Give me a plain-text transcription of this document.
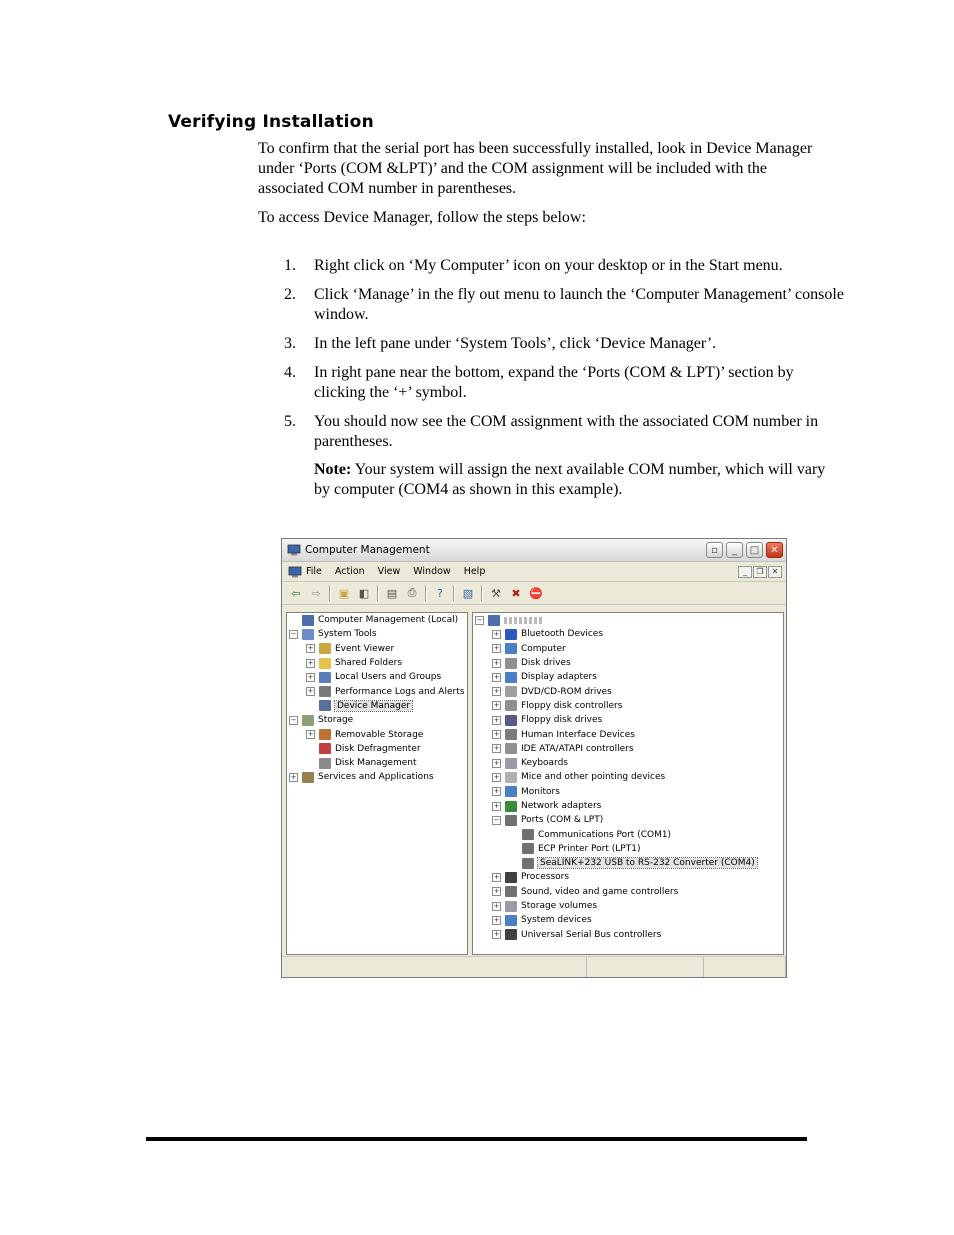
Verifying Installation
To confirm that the serial port has been successfully installed, look in Device Manager under ‘Ports (COM &LPT)’ and the COM assignment will be included with the associated COM number in parentheses.
To access Device Manager, follow the steps below:
1.	Right click on ‘My Computer’ icon on your desktop or in the Start menu.
2.	Click ‘Manage’ in the fly out menu to launch the ‘Computer Management’ console window.
3.	In the left pane under ‘System Tools’, click ‘Device Manager’.
4.	In right pane near the bottom, expand the ‘Ports (COM & LPT)’ section by clicking the ‘+’ symbol.
5.	You should now see the COM assignment with the associated COM number in parentheses.
Note: Your system will assign the next available COM number, which will vary by computer (COM4 as shown in this example).
Computer Management	▫	_	□	✕
File Action View Window Help	_	❐	✕
⇦ ⇨	▣ ◧ ▤ ⎙	?	▧ ⚒ ✖ ⛔
Computer Management (Local)
− System Tools
+ Event Viewer
+ Shared Folders
+ Local Users and Groups
+ Performance Logs and Alerts
Device Manager
− Storage
+ Removable Storage
Disk Defragmenter
Disk Management
+ Services and Applications
−
+ Bluetooth Devices
+ Computer
+ Disk drives
+ Display adapters
+ DVD/CD-ROM drives
+ Floppy disk controllers
+ Floppy disk drives
+ Human Interface Devices
+ IDE ATA/ATAPI controllers
+ Keyboards
+ Mice and other pointing devices
+ Monitors
+ Network adapters
− Ports (COM & LPT)
Communications Port (COM1)
ECP Printer Port (LPT1)
SeaLINK+232 USB to RS-232 Converter (COM4)
+ Processors
+ Sound, video and game controllers
+ Storage volumes
+ System devices
+ Universal Serial Bus controllers
